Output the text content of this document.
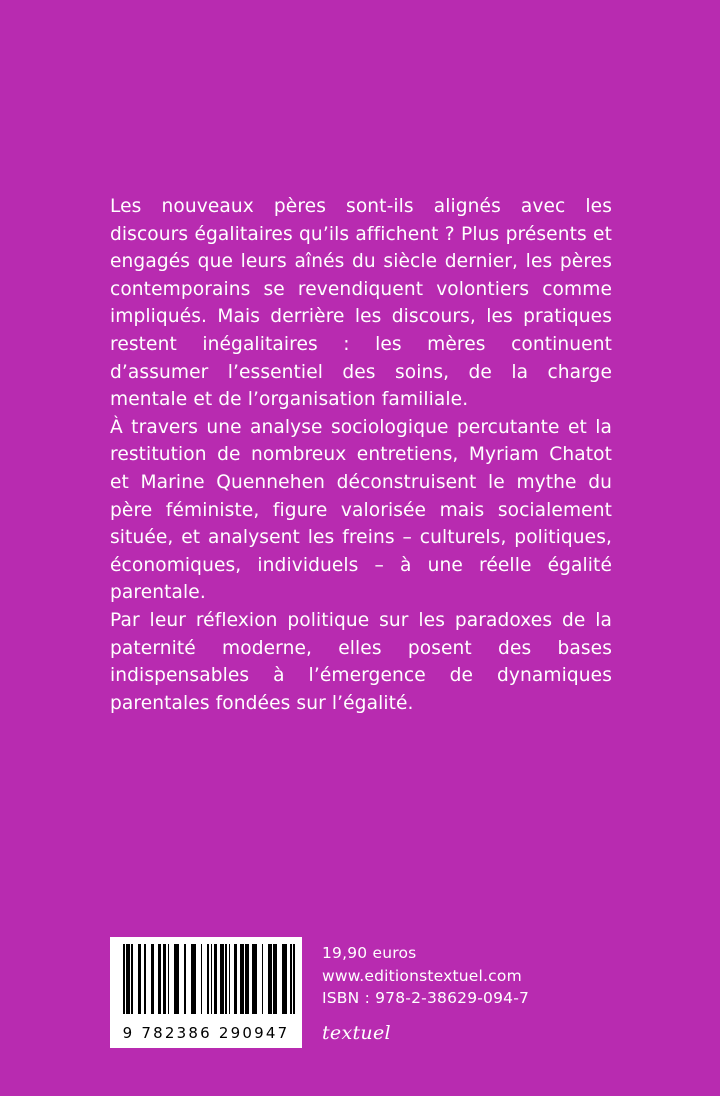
Les nouveaux pères sont-ils alignés avec les discours égalitaires qu’ils affichent ? Plus présents et engagés que leurs aînés du siècle dernier, les pères contemporains se revendiquent volontiers comme impliqués. Mais derrière les discours, les pratiques restent inégalitaires : les mères continuent d’assumer l’essentiel des soins, de la charge mentale et de l’organisation familiale.

À travers une analyse sociologique percutante et la restitution de nombreux entretiens, Myriam Chatot et Marine Quennehen déconstruisent le mythe du père féministe, figure valorisée mais socialement située, et analysent les freins – culturels, politiques, économiques, individuels – à une réelle égalité parentale.

Par leur réflexion politique sur les paradoxes de la paternité moderne, elles posent des bases indispensables à l’émergence de dynamiques parentales fondées sur l’égalité.

9 782386 290947
19,90 euros
www.editionstextuel.com
ISBN : 978-2-38629-094-7
textuel
